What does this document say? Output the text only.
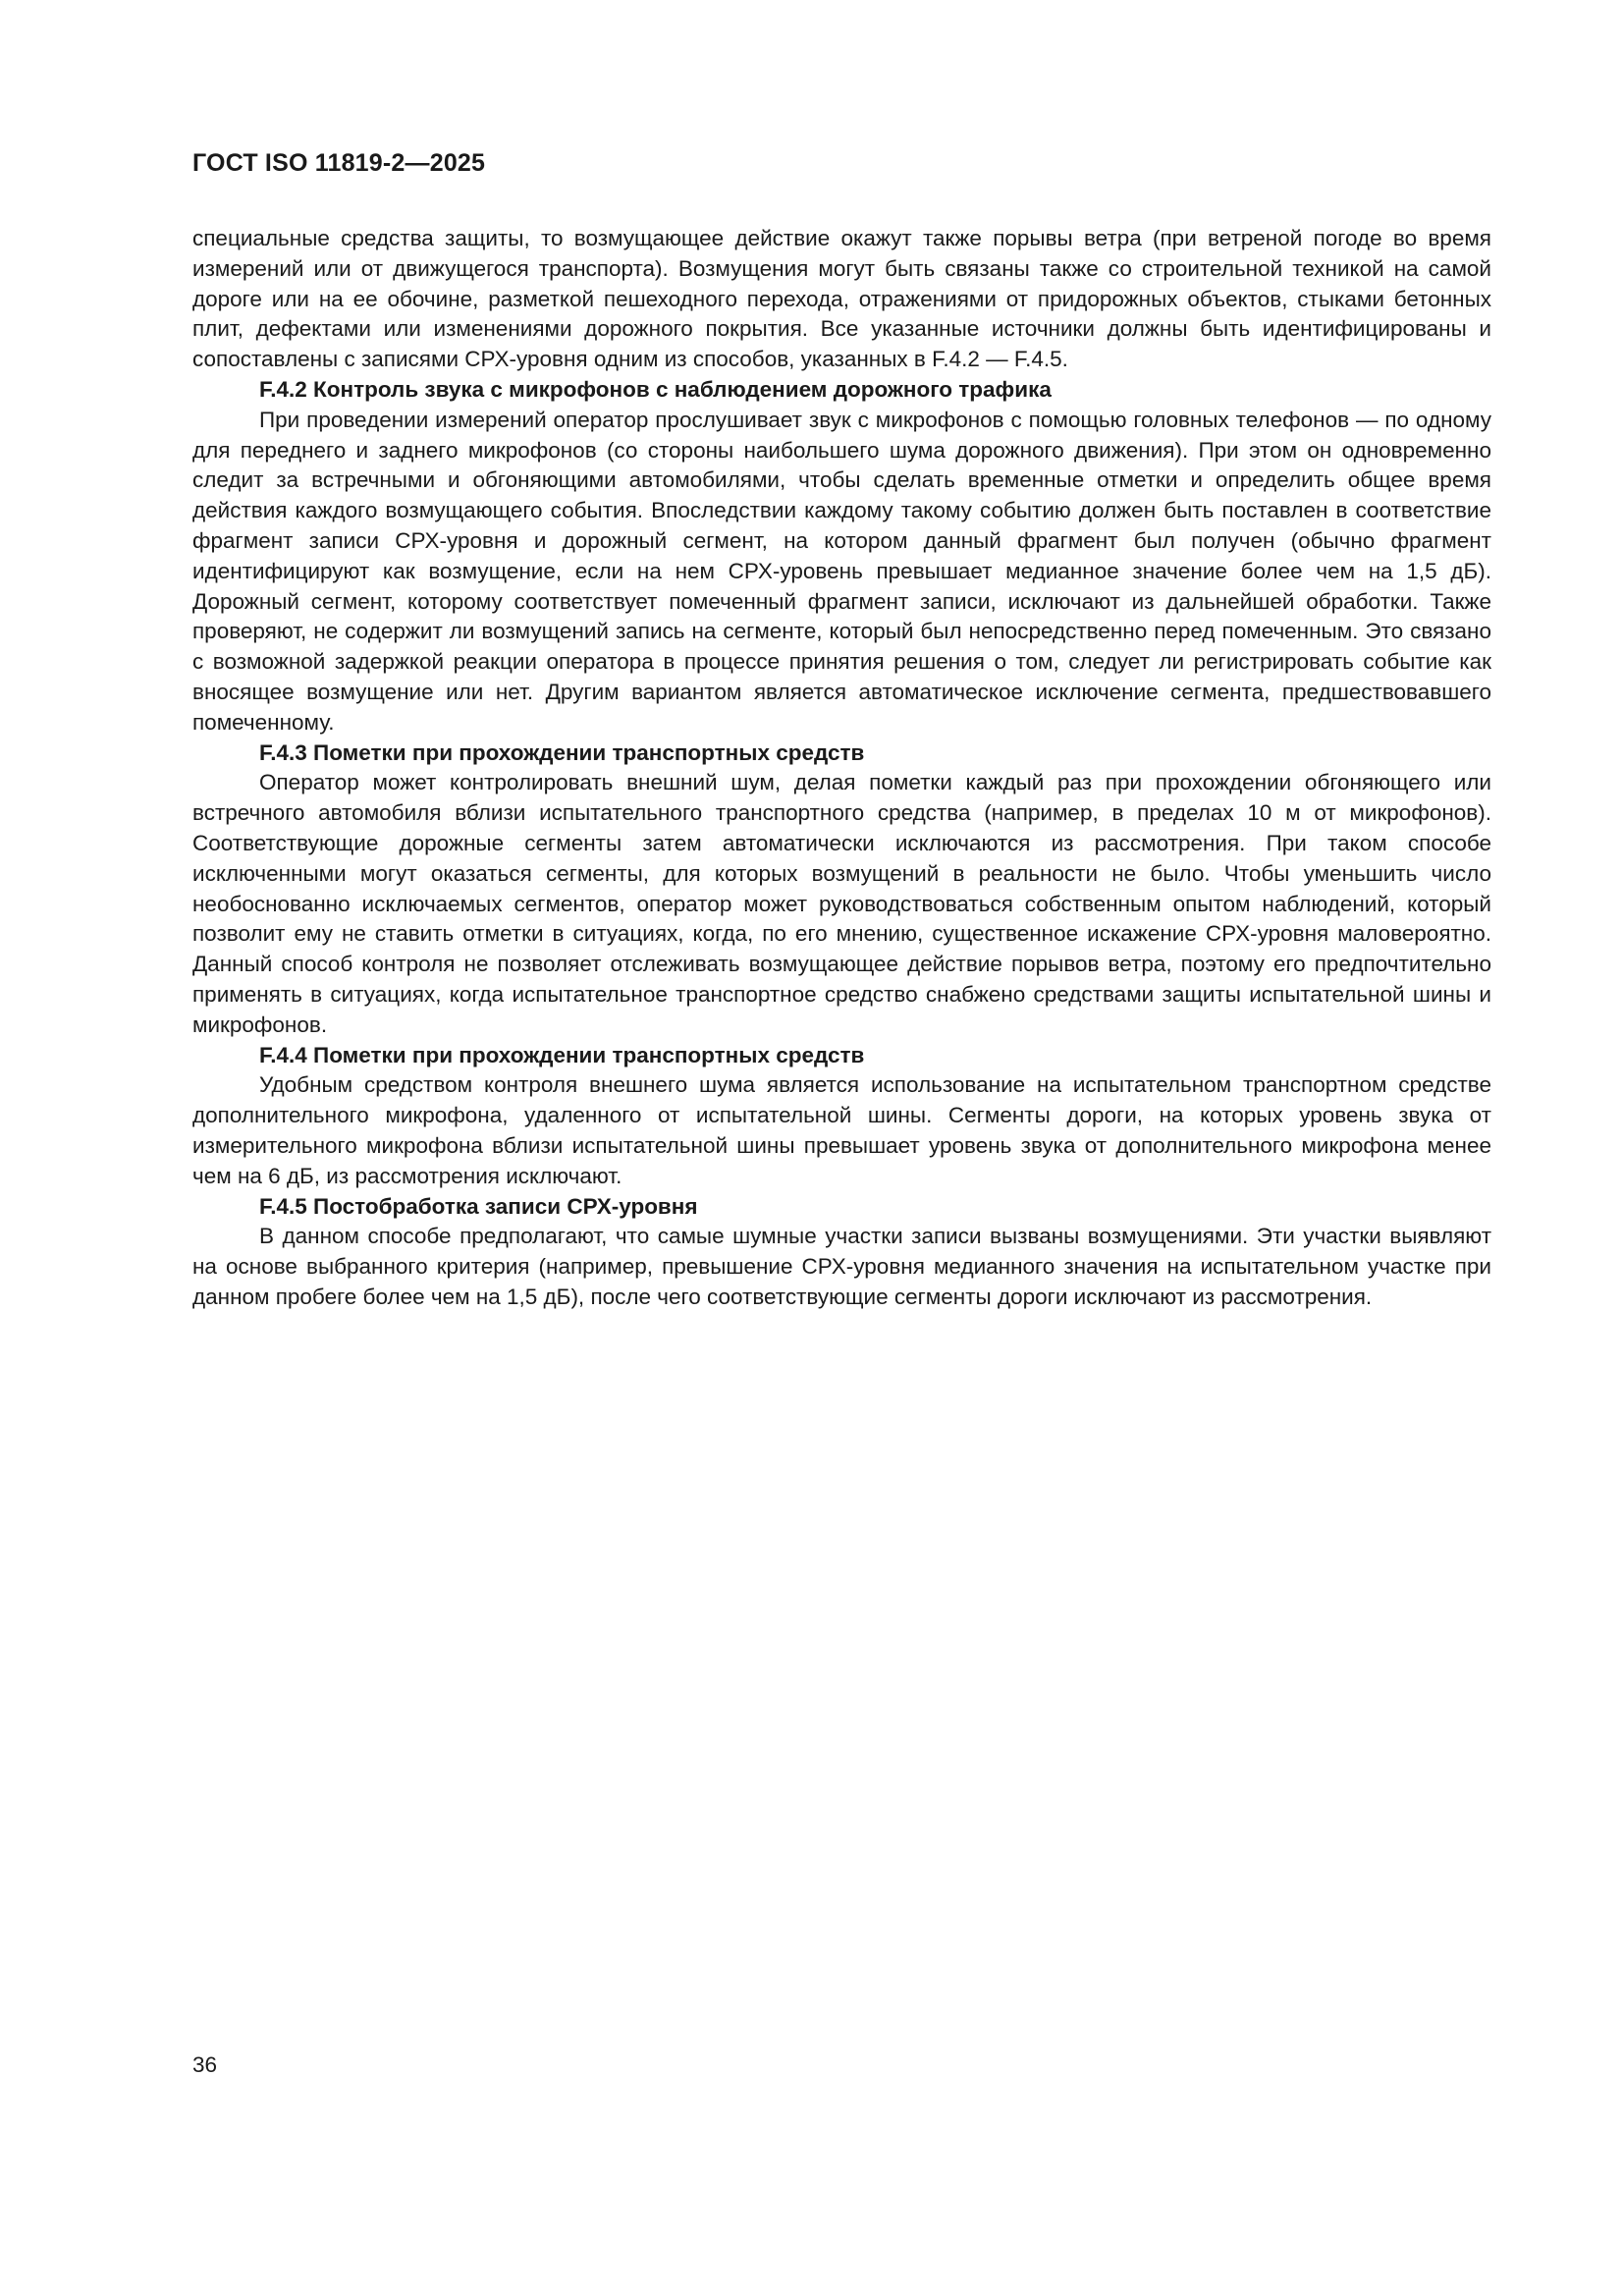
ГОСТ ISO 11819-2—2025

специальные средства защиты, то возмущающее действие окажут также порывы ветра (при ветреной погоде во время измерений или от движущегося транспорта). Возмущения могут быть связаны также со строительной техникой на самой дороге или на ее обочине, разметкой пешеходного перехода, отражениями от придорожных объектов, стыками бетонных плит, дефектами или изменениями дорожного покрытия. Все указанные источники должны быть идентифицированы и сопоставлены с записями СРХ-уровня одним из способов, указанных в F.4.2 — F.4.5.

F.4.2 Контроль звука с микрофонов с наблюдением дорожного трафика

При проведении измерений оператор прослушивает звук с микрофонов с помощью головных телефонов — по одному для переднего и заднего микрофонов (со стороны наибольшего шума дорожного движения). При этом он одновременно следит за встречными и обгоняющими автомобилями, чтобы сделать временные отметки и определить общее время действия каждого возмущающего события. Впоследствии каждому такому событию должен быть поставлен в соответствие фрагмент записи СРХ-уровня и дорожный сегмент, на котором данный фрагмент был получен (обычно фрагмент идентифицируют как возмущение, если на нем СРХ-уровень превышает медианное значение более чем на 1,5 дБ). Дорожный сегмент, которому соответствует помеченный фрагмент записи, исключают из дальнейшей обработки. Также проверяют, не содержит ли возмущений запись на сегменте, который был непосредственно перед помеченным. Это связано с возможной задержкой реакции оператора в процессе принятия решения о том, следует ли регистрировать событие как вносящее возмущение или нет. Другим вариантом является автоматическое исключение сегмента, предшествовавшего помеченному.

F.4.3 Пометки при прохождении транспортных средств

Оператор может контролировать внешний шум, делая пометки каждый раз при прохождении обгоняющего или встречного автомобиля вблизи испытательного транспортного средства (например, в пределах 10 м от микрофонов). Соответствующие дорожные сегменты затем автоматически исключаются из рассмотрения. При таком способе исключенными могут оказаться сегменты, для которых возмущений в реальности не было. Чтобы уменьшить число необоснованно исключаемых сегментов, оператор может руководствоваться собственным опытом наблюдений, который позволит ему не ставить отметки в ситуациях, когда, по его мнению, существенное искажение СРХ-уровня маловероятно. Данный способ контроля не позволяет отслеживать возмущающее действие порывов ветра, поэтому его предпочтительно применять в ситуациях, когда испытательное транспортное средство снабжено средствами защиты испытательной шины и микрофонов.

F.4.4 Пометки при прохождении транспортных средств

Удобным средством контроля внешнего шума является использование на испытательном транспортном средстве дополнительного микрофона, удаленного от испытательной шины. Сегменты дороги, на которых уровень звука от измерительного микрофона вблизи испытательной шины превышает уровень звука от дополнительного микрофона менее чем на 6 дБ, из рассмотрения исключают.

F.4.5 Постобработка записи СРХ-уровня

В данном способе предполагают, что самые шумные участки записи вызваны возмущениями. Эти участки выявляют на основе выбранного критерия (например, превышение СРХ-уровня медианного значения на испытательном участке при данном пробеге более чем на 1,5 дБ), после чего соответствующие сегменты дороги исключают из рассмотрения.

36
